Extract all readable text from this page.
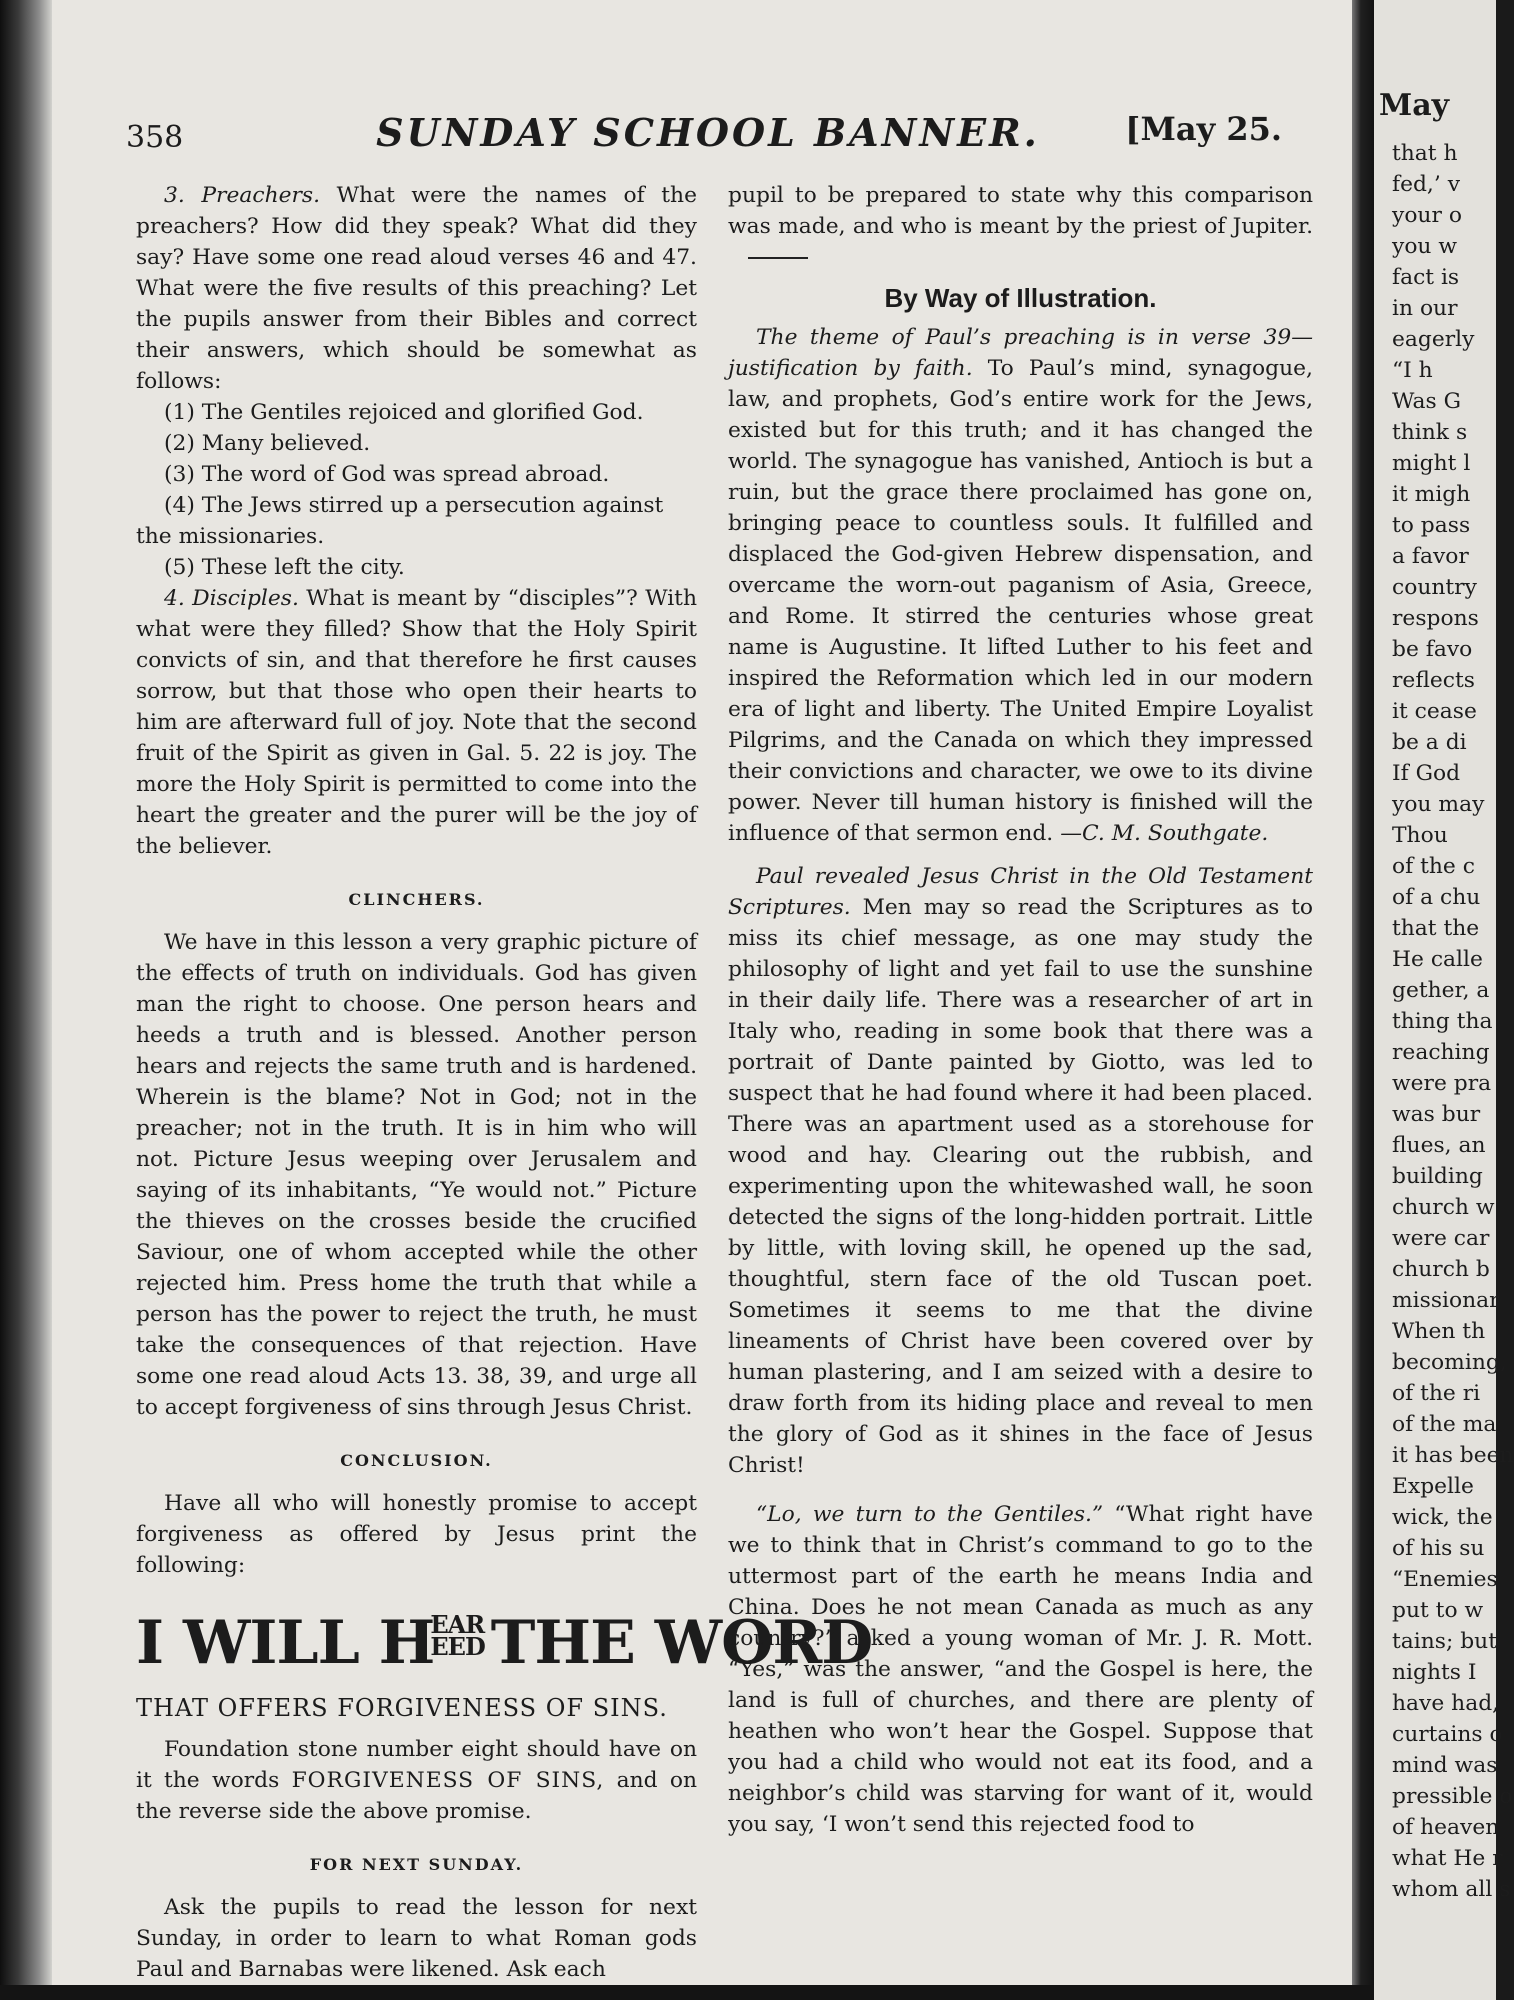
358	SUNDAY SCHOOL BANNER.	[May 25.

3. Preachers. What were the names of the preachers? How did they speak? What did they say? Have some one read aloud verses 46 and 47. What were the five results of this preaching? Let the pupils answer from their Bibles and correct their answers, which should be somewhat as follows:

(1) The Gentiles rejoiced and glorified God.

(2) Many believed.

(3) The word of God was spread abroad.

(4) The Jews stirred up a persecution against

the missionaries.

(5) These left the city.

4. Disciples. What is meant by “disciples”? With what were they filled? Show that the Holy Spirit convicts of sin, and that therefore he first causes sorrow, but that those who open their hearts to him are afterward full of joy. Note that the second fruit of the Spirit as given in Gal. 5. 22 is joy. The more the Holy Spirit is permitted to come into the heart the greater and the purer will be the joy of the believer.

CLINCHERS.

We have in this lesson a very graphic picture of the effects of truth on individuals. God has given man the right to choose. One person hears and heeds a truth and is blessed. Another person hears and rejects the same truth and is hardened. Wherein is the blame? Not in God; not in the preacher; not in the truth. It is in him who will not. Picture Jesus weeping over Jerusalem and saying of its inhabitants, “Ye would not.” Picture the thieves on the crosses beside the crucified Saviour, one of whom accepted while the other rejected him. Press home the truth that while a person has the power to reject the truth, he must take the consequences of that rejection. Have some one read aloud Acts 13. 38, 39, and urge all to accept forgiveness of sins through Jesus Christ.

CONCLUSION.

Have all who will honestly promise to accept forgiveness as offered by Jesus print the following:

I WILL H
EAR
EED THE WORD
THAT OFFERS FORGIVENESS OF SINS.

Foundation stone number eight should have on it the words FORGIVENESS OF SINS, and on the reverse side the above promise.

FOR NEXT SUNDAY.

Ask the pupils to read the lesson for next Sunday, in order to learn to what Roman gods Paul and Barnabas were likened. Ask each

pupil to be prepared to state why this comparison was made, and who is meant by the priest of Jupiter.

By Way of Illustration.

The theme of Paul’s preaching is in verse 39—justification by faith. To Paul’s mind, synagogue, law, and prophets, God’s entire work for the Jews, existed but for this truth; and it has changed the world. The synagogue has vanished, Antioch is but a ruin, but the grace there proclaimed has gone on, bringing peace to countless souls. It fulfilled and displaced the God-given Hebrew dispensation, and overcame the worn-out paganism of Asia, Greece, and Rome. It stirred the centuries whose great name is Augustine. It lifted Luther to his feet and inspired the Reformation which led in our modern era of light and liberty. The United Empire Loyalist Pilgrims, and the Canada on which they impressed their convictions and character, we owe to its divine power. Never till human history is finished will the influence of that sermon end. —C. M. Southgate.

Paul revealed Jesus Christ in the Old Testament Scriptures. Men may so read the Scriptures as to miss its chief message, as one may study the philosophy of light and yet fail to use the sunshine in their daily life. There was a researcher of art in Italy who, reading in some book that there was a portrait of Dante painted by Giotto, was led to suspect that he had found where it had been placed. There was an apartment used as a storehouse for wood and hay. Clearing out the rubbish, and experimenting upon the whitewashed wall, he soon detected the signs of the long-hidden portrait. Little by little, with loving skill, he opened up the sad, thoughtful, stern face of the old Tuscan poet. Sometimes it seems to me that the divine lineaments of Christ have been covered over by human plastering, and I am seized with a desire to draw forth from its hiding place and reveal to men the glory of God as it shines in the face of Jesus Christ!

“Lo, we turn to the Gentiles.” “What right have we to think that in Christ’s command to go to the uttermost part of the earth he means India and China. Does he not mean Canada as much as any country?” asked a young woman of Mr. J. R. Mott. “Yes,” was the answer, “and the Gospel is here, the land is full of churches, and there are plenty of heathen who won’t hear the Gospel. Suppose that you had a child who would not eat its food, and a neighbor’s child was starving for want of it, would you say, ‘I won’t send this rejected food to

May
that h
fed,’ v
your o
you w
fact is
in our
eagerly
“I h
Was G
think s
might l
it migh
to pass
a favor
country
respons
be favo
reflects
it cease
be a di
If God
you may
Thou
of the c
of a chu
that the
He calle
gether, a
thing tha
reaching
were pra
was bur
flues, an
building
church w
were car
church b
missionar
When th
becoming,
of the ri
of the ma
it has been
Expelle
wick, the
of his su
“Enemies
put to w
tains; but
nights I
have had,
curtains o
mind was
pressible o
of heaven
what He r
whom all s
